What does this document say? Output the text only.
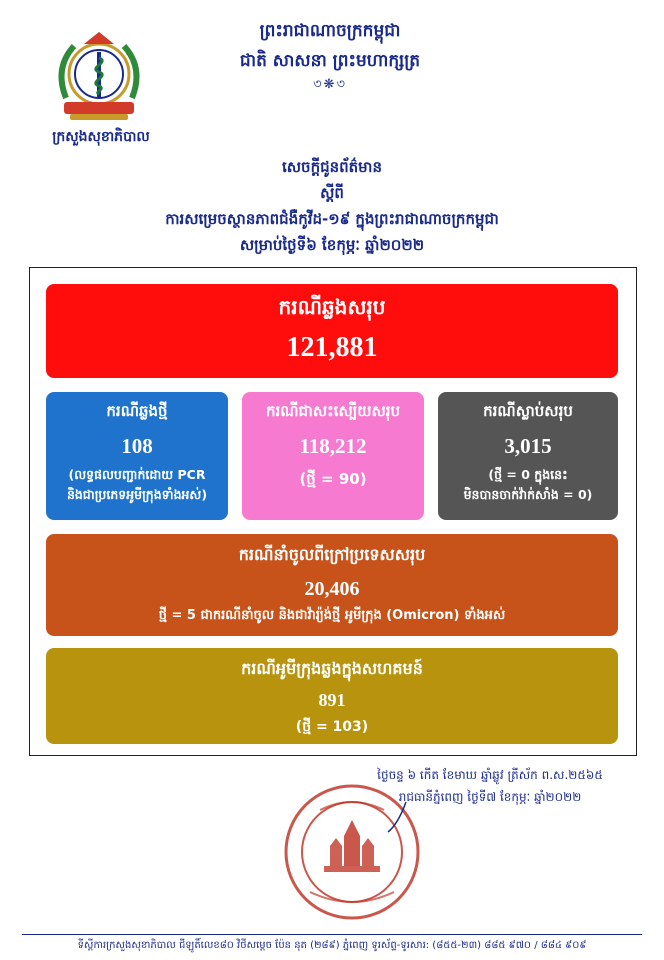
ក្រសួងសុខាភិបាល
ព្រះរាជាណាចក្រកម្ពុជា
ជាតិ សាសនា ព្រះមហាក្សត្រ
৩❋৩
សេចក្តីជូនព័ត៌មាន
ស្តីពី
ការសម្រេចស្ថានភាពជំងឺកូវីដ-១៩ ក្នុងព្រះរាជាណាចក្រកម្ពុជា
សម្រាប់ថ្ងៃទី៦ ខែកុម្ភៈ ឆ្នាំ២០២២
ករណីឆ្លងសរុប
121,881
ករណីឆ្លងថ្មី
108
(លទ្ធផលបញ្ជាក់ដោយ PCR
និងជាប្រភេទអូមីក្រុងទាំងអស់)
ករណីជាសះស្បើយសរុប
118,212
(ថ្មី = 90)
ករណីស្លាប់សរុប
3,015
(ថ្មី = 0 ក្នុងនេះ
មិនបានចាក់វ៉ាក់សាំង = 0)
ករណីនាំចូលពីក្រៅប្រទេសសរុប
20,406
ថ្មី = 5 ជាករណីនាំចូល និងជាវ៉ារ្យ៉ង់ថ្មី អូមីក្រុង (Omicron) ទាំងអស់
ករណីអូមីក្រុងឆ្លងក្នុងសហគមន៍
891
(ថ្មី = 103)
ថ្ងៃចន្ទ ៦ កើត ខែមាឃ ឆ្នាំឆ្លូវ ត្រីស័ក ព.ស.២៥៦៥
រាជធានីភ្នំពេញ ថ្ងៃទី៧ ខែកុម្ភៈ ឆ្នាំ២០២២
ទីស្តីការក្រសួងសុខាភិបាល ជីឡូតិ៍លេខ៨០ វិថីសម្តេច ប៉ែន នុត (២៨៩) ភ្នំពេញ ទូរស័ព្ទ-ទូរសារ: (៨៥៥-២៣) ៨៨៥ ៩៧០ / ៨៨៤ ៩០៩
